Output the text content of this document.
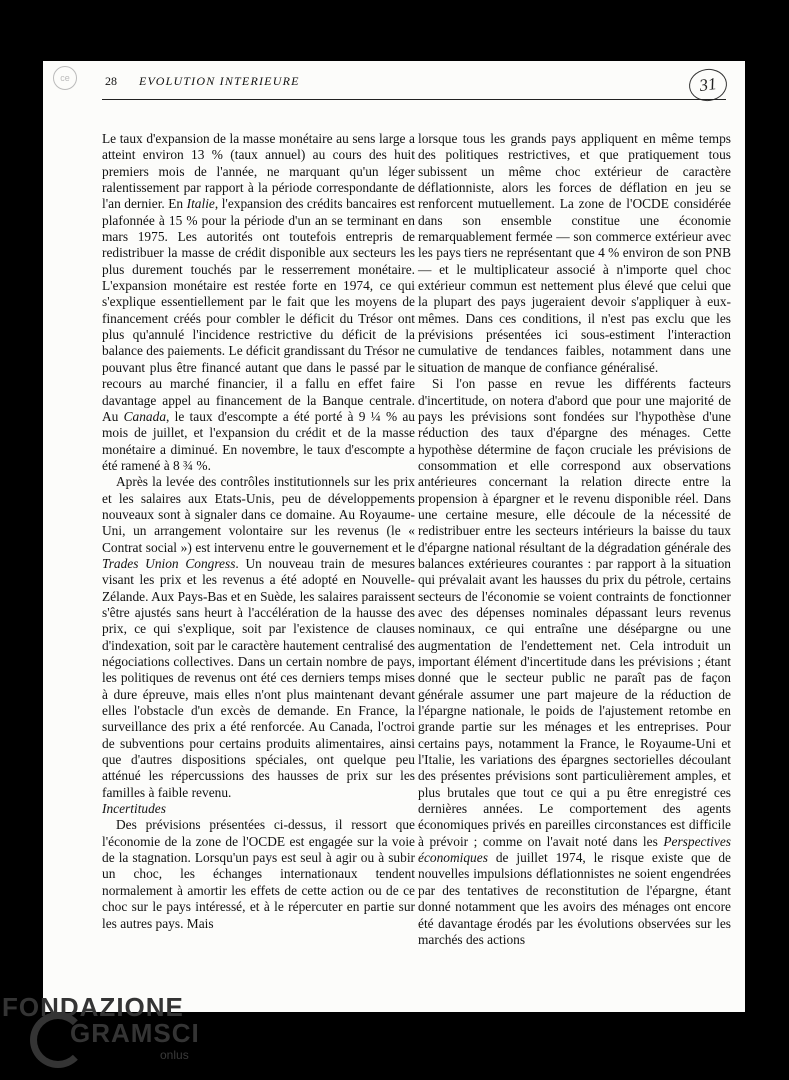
ce	28 EVOLUTION INTERIEURE	31

Le taux d'expansion de la masse monétaire au sens large a atteint environ 13 % (taux annuel) au cours des huit premiers mois de l'année, ne marquant qu'un léger ralentissement par rapport à la période correspondante de l'an dernier. En Italie, l'expansion des crédits bancaires est plafonnée à 15 % pour la période d'un an se terminant en mars 1975. Les autorités ont toutefois entrepris de redistribuer la masse de crédit disponible aux secteurs les plus durement touchés par le resserrement monétaire. L'expansion monétaire est restée forte en 1974, ce qui s'explique essentiellement par le fait que les moyens de financement créés pour combler le déficit du Trésor ont plus qu'annulé l'incidence restrictive du déficit de la balance des paiements. Le déficit grandissant du Trésor ne pouvant plus être financé autant que dans le passé par le recours au marché financier, il a fallu en effet faire davantage appel au financement de la Banque centrale. Au Canada, le taux d'escompte a été porté à 9 ¼ % au mois de juillet, et l'expansion du crédit et de la masse monétaire a diminué. En novembre, le taux d'escompte a été ramené à 8 ¾ %.

Après la levée des contrôles institutionnels sur les prix et les salaires aux Etats-Unis, peu de développements nouveaux sont à signaler dans ce domaine. Au Royaume-Uni, un arrangement volontaire sur les revenus (le « Contrat social ») est intervenu entre le gouvernement et le Trades Union Congress. Un nouveau train de mesures visant les prix et les revenus a été adopté en Nouvelle-Zélande. Aux Pays-Bas et en Suède, les salaires paraissent s'être ajustés sans heurt à l'accélération de la hausse des prix, ce qui s'explique, soit par l'existence de clauses d'indexation, soit par le caractère hautement centralisé des négociations collectives. Dans un certain nombre de pays, les politiques de revenus ont été ces derniers temps mises à dure épreuve, mais elles n'ont plus maintenant devant elles l'obstacle d'un excès de demande. En France, la surveillance des prix a été renforcée. Au Canada, l'octroi de subventions pour certains produits alimentaires, ainsi que d'autres dispositions spéciales, ont quelque peu atténué les répercussions des hausses de prix sur les familles à faible revenu.

Incertitudes

Des prévisions présentées ci-dessus, il ressort que l'économie de la zone de l'OCDE est engagée sur la voie de la stagnation. Lorsqu'un pays est seul à agir ou à subir un choc, les échanges internationaux tendent normalement à amortir les effets de cette action ou de ce choc sur le pays intéressé, et à le répercuter en partie sur les autres pays. Mais

lorsque tous les grands pays appliquent en même temps des politiques restrictives, et que pratiquement tous subissent un même choc extérieur de caractère déflationniste, alors les forces de déflation en jeu se renforcent mutuellement. La zone de l'OCDE considérée dans son ensemble constitue une économie remarquablement fermée — son commerce extérieur avec les pays tiers ne représentant que 4 % environ de son PNB — et le multiplicateur associé à n'importe quel choc extérieur commun est nettement plus élevé que celui que la plupart des pays jugeraient devoir s'appliquer à eux-mêmes. Dans ces conditions, il n'est pas exclu que les prévisions présentées ici sous-estiment l'interaction cumulative de tendances faibles, notamment dans une situation de manque de confiance généralisé.

Si l'on passe en revue les différents facteurs d'incertitude, on notera d'abord que pour une majorité de pays les prévisions sont fondées sur l'hypothèse d'une réduction des taux d'épargne des ménages. Cette hypothèse détermine de façon cruciale les prévisions de consommation et elle correspond aux observations antérieures concernant la relation directe entre la propension à épargner et le revenu disponible réel. Dans une certaine mesure, elle découle de la nécessité de redistribuer entre les secteurs intérieurs la baisse du taux d'épargne national résultant de la dégradation générale des balances extérieures courantes : par rapport à la situation qui prévalait avant les hausses du prix du pétrole, certains secteurs de l'économie se voient contraints de fonctionner avec des dépenses nominales dépassant leurs revenus nominaux, ce qui entraîne une désépargne ou une augmentation de l'endettement net. Cela introduit un important élément d'incertitude dans les prévisions ; étant donné que le secteur public ne paraît pas de façon générale assumer une part majeure de la réduction de l'épargne nationale, le poids de l'ajustement retombe en grande partie sur les ménages et les entreprises. Pour certains pays, notamment la France, le Royaume-Uni et l'Italie, les variations des épargnes sectorielles découlant des présentes prévisions sont particulièrement amples, et plus brutales que tout ce qui a pu être enregistré ces dernières années. Le comportement des agents économiques privés en pareilles circonstances est difficile à prévoir ; comme on l'avait noté dans les Perspectives économiques de juillet 1974, le risque existe que de nouvelles impulsions déflationnistes ne soient engendrées par des tentatives de reconstitution de l'épargne, étant donné notamment que les avoirs des ménages ont encore été davantage érodés par les évolutions observées sur les marchés des actions

FONDAZIONE
GRAMSCI
onlus
